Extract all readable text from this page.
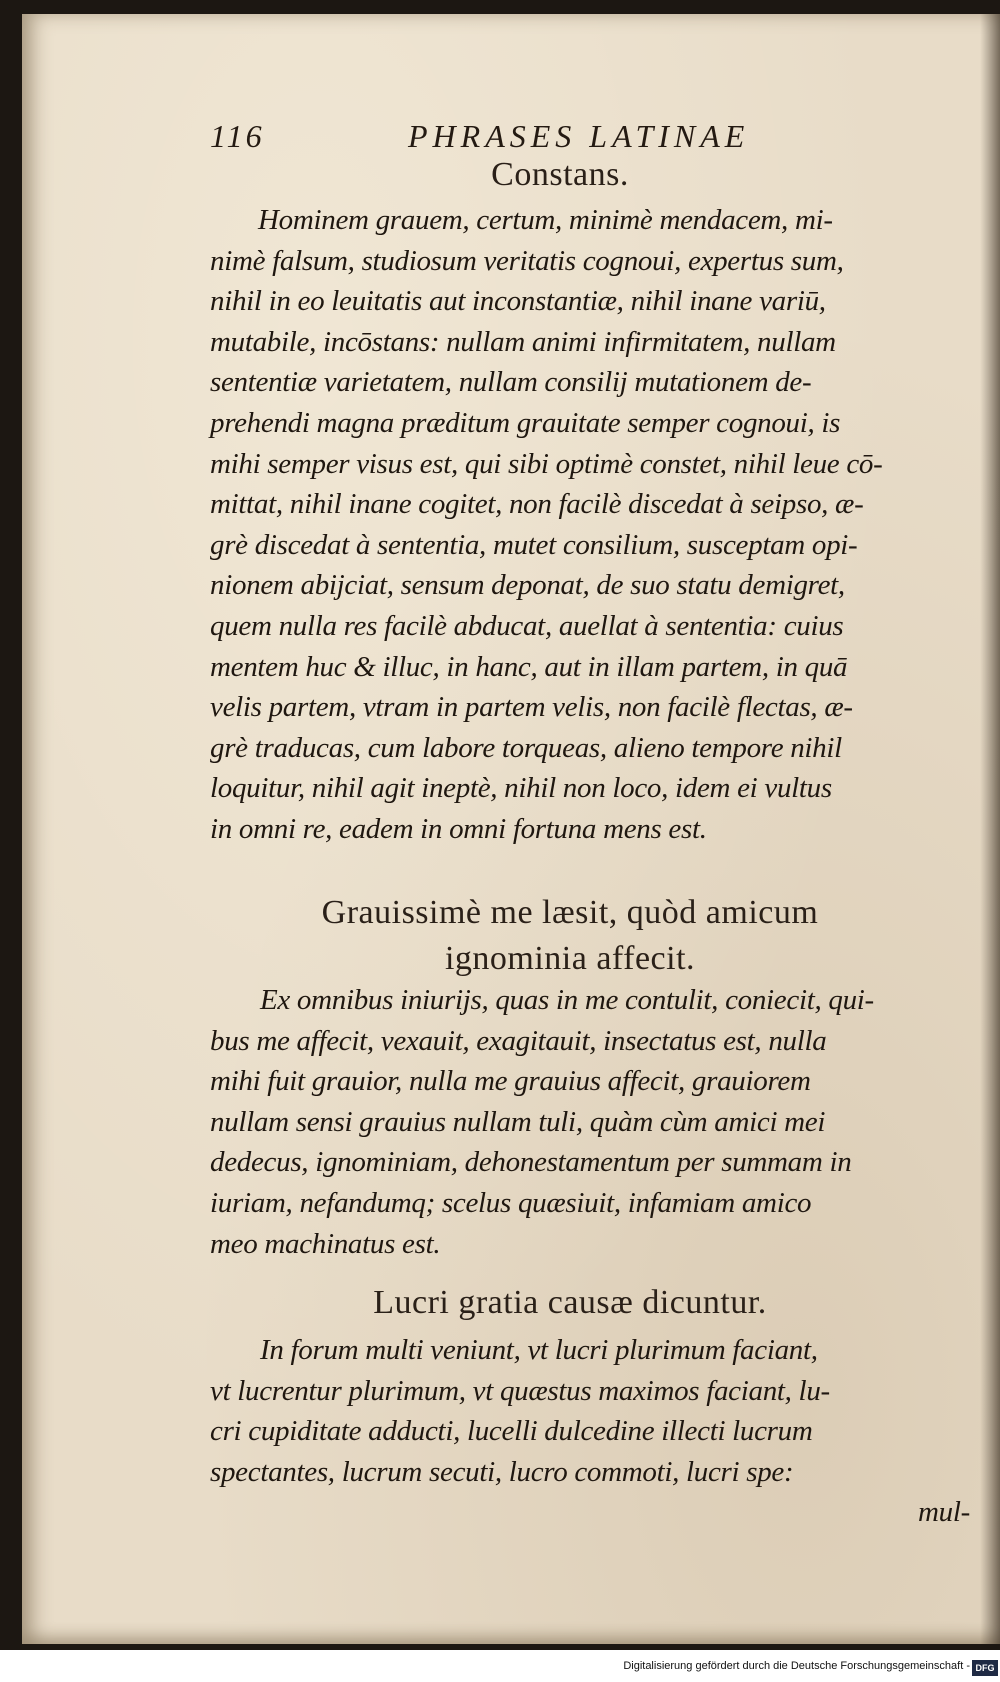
116	PHRASES LATINAE
Constans.
Hominem grauem, certum, minimè mendacem, mi-
nimè falsum, studiosum veritatis cognoui, expertus sum,
nihil in eo leuitatis aut inconstantiæ, nihil inane variū,
mutabile, incōstans: nullam animi infirmitatem, nullam
sententiæ varietatem, nullam consilij mutationem de-
prehendi magna præditum grauitate semper cognoui, is
mihi semper visus est, qui sibi optimè constet, nihil leue cō-
mittat, nihil inane cogitet, non facilè discedat à seipso, æ-
grè discedat à sententia, mutet consilium, susceptam opi-
nionem abijciat, sensum deponat, de suo statu demigret,
quem nulla res facilè abducat, auellat à sententia: cuius
mentem huc & illuc, in hanc, aut in illam partem, in quā
velis partem, vtram in partem velis, non facilè flectas, æ-
grè traducas, cum labore torqueas, alieno tempore nihil
loquitur, nihil agit ineptè, nihil non loco, idem ei vultus
in omni re, eadem in omni fortuna mens est.
Grauissimè me læsit, quòd amicum
ignominia affecit.
Ex omnibus iniurijs, quas in me contulit, coniecit, qui-
bus me affecit, vexauit, exagitauit, insectatus est, nulla
mihi fuit grauior, nulla me grauius affecit, grauiorem
nullam sensi grauius nullam tuli, quàm cùm amici mei
dedecus, ignominiam, dehonestamentum per summam in
iuriam, nefandumq; scelus quæsiuit, infamiam amico
meo machinatus est.
Lucri gratia causæ dicuntur.
In forum multi veniunt, vt lucri plurimum faciant,
vt lucrentur plurimum, vt quæstus maximos faciant, lu-
cri cupiditate adducti, lucelli dulcedine illecti lucrum
spectantes, lucrum secuti, lucro commoti, lucri spe:
mul-
Digitalisierung gefördert durch die Deutsche Forschungsgemeinschaft - DFG
